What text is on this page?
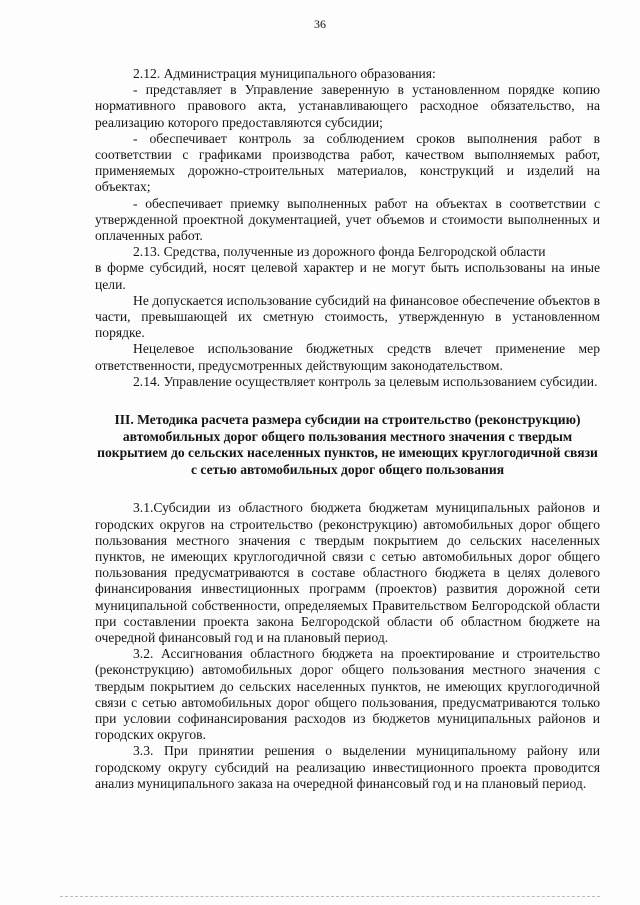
36

2.12. Администрация муниципального образования:

- представляет в Управление заверенную в установленном порядке копию нормативного правового акта, устанавливающего расходное обязательство, на реализацию которого предоставляются субсидии;

- обеспечивает контроль за соблюдением сроков выполнения работ в соответствии с графиками производства работ, качеством выполняемых работ, применяемых дорожно-строительных материалов, конструкций и изделий на объектах;

- обеспечивает приемку выполненных работ на объектах в соответствии с утвержденной проектной документацией, учет объемов и стоимости выполненных и оплаченных работ.

2.13. Средства, полученные из дорожного фонда Белгородской области

в форме субсидий, носят целевой характер и не могут быть использованы на иные цели.

Не допускается использование субсидий на финансовое обеспечение объектов в части, превышающей их сметную стоимость, утвержденную в установленном порядке.

Нецелевое использование бюджетных средств влечет применение мер ответственности, предусмотренных действующим законодательством.

2.14. Управление осуществляет контроль за целевым использованием субсидии.

III. Методика расчета размера субсидии на строительство (реконструкцию) автомобильных дорог общего пользования местного значения с твердым покрытием до сельских населенных пунктов, не имеющих круглогодичной связи с сетью автомобильных дорог общего пользования

3.1.Субсидии из областного бюджета бюджетам муниципальных районов и городских округов на строительство (реконструкцию) автомобильных дорог общего пользования местного значения с твердым покрытием до сельских населенных пунктов, не имеющих круглогодичной связи с сетью автомобильных дорог общего пользования предусматриваются в составе областного бюджета в целях долевого финансирования инвестиционных программ (проектов) развития дорожной сети муниципальной собственности, определяемых Правительством Белгородской области при составлении проекта закона Белгородской области об областном бюджете на очередной финансовый год и на плановый период.

3.2. Ассигнования областного бюджета на проектирование и строительство (реконструкцию) автомобильных дорог общего пользования местного значения с твердым покрытием до сельских населенных пунктов, не имеющих круглогодичной связи с сетью автомобильных дорог общего пользования, предусматриваются только при условии софинансирования расходов из бюджетов муниципальных районов и городских округов.

3.3. При принятии решения о выделении муниципальному району или городскому округу субсидий на реализацию инвестиционного проекта проводится анализ муниципального заказа на очередной финансовый год и на плановый период.
